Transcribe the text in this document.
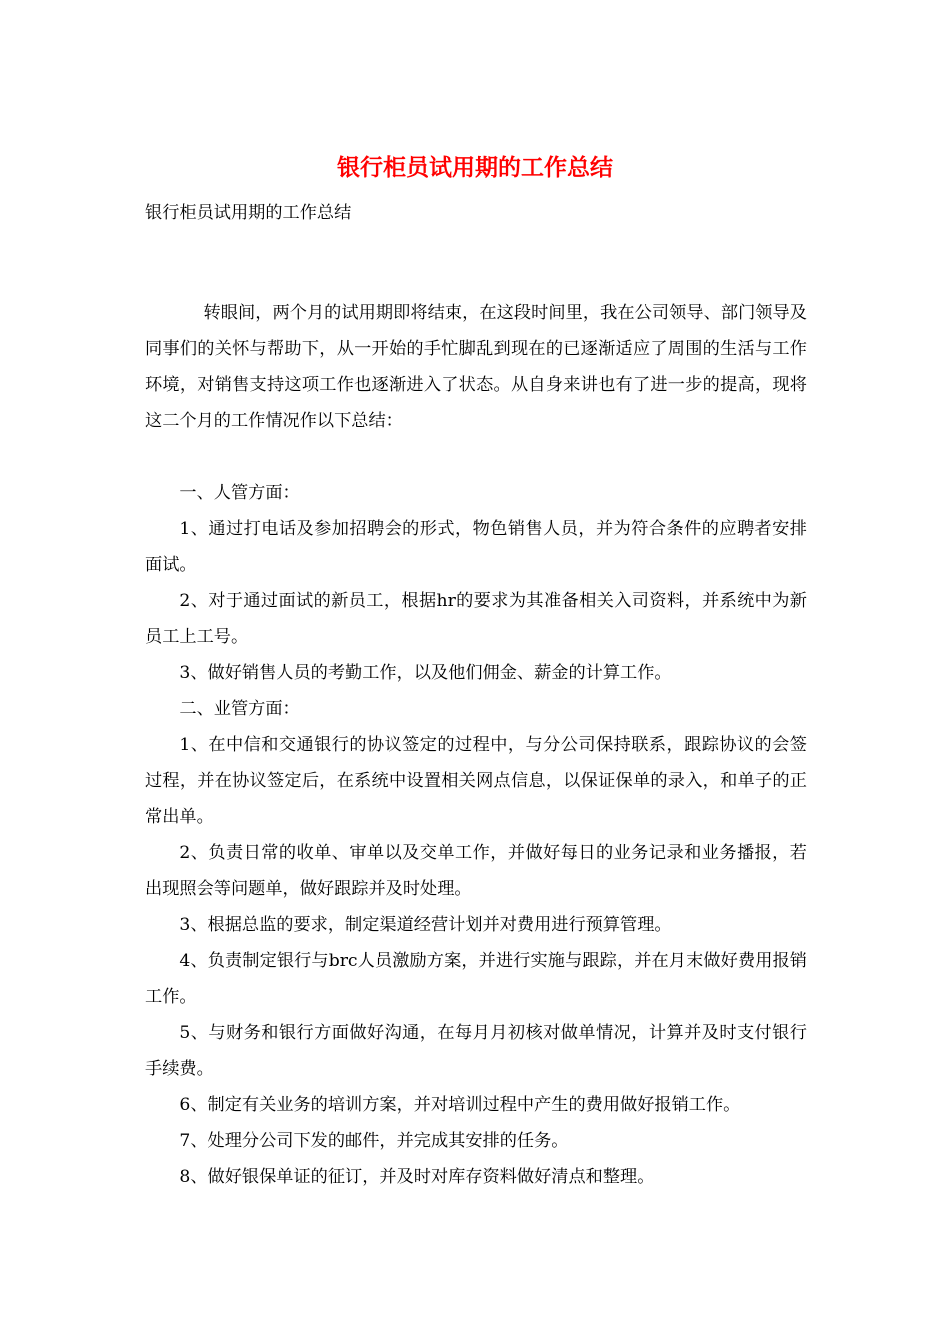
银行柜员试用期的工作总结

银行柜员试用期的工作总结

转眼间，两个月的试用期即将结束，在这段时间里，我在公司领导、部门领导及同事们的关怀与帮助下，从一开始的手忙脚乱到现在的已逐渐适应了周围的生活与工作环境，对销售支持这项工作也逐渐进入了状态。从自身来讲也有了进一步的提高，现将这二个月的工作情况作以下总结：

一、人管方面：

1、通过打电话及参加招聘会的形式，物色销售人员，并为符合条件的应聘者安排面试。

2、对于通过面试的新员工，根据hr的要求为其准备相关入司资料，并系统中为新员工上工号。

3、做好销售人员的考勤工作，以及他们佣金、薪金的计算工作。

二、业管方面：

1、在中信和交通银行的协议签定的过程中，与分公司保持联系，跟踪协议的会签过程，并在协议签定后，在系统中设置相关网点信息，以保证保单的录入，和单子的正常出单。

2、负责日常的收单、审单以及交单工作，并做好每日的业务记录和业务播报，若出现照会等问题单，做好跟踪并及时处理。

3、根据总监的要求，制定渠道经营计划并对费用进行预算管理。

4、负责制定银行与brc人员激励方案，并进行实施与跟踪，并在月末做好费用报销工作。

5、与财务和银行方面做好沟通，在每月月初核对做单情况，计算并及时支付银行手续费。

6、制定有关业务的培训方案，并对培训过程中产生的费用做好报销工作。

7、处理分公司下发的邮件，并完成其安排的任务。

8、做好银保单证的征订，并及时对库存资料做好清点和整理。
